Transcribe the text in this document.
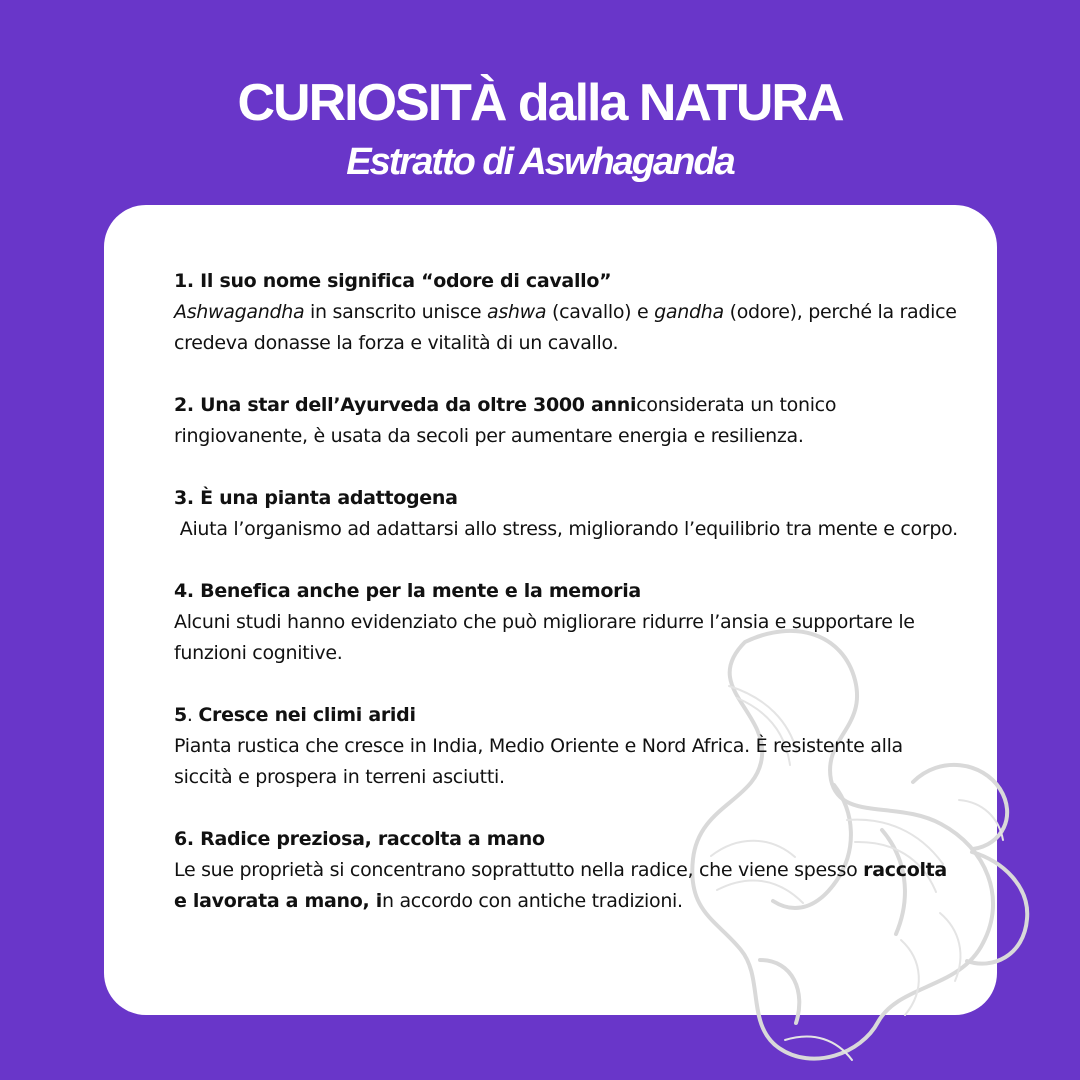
CURIOSITÀ dalla NATURA
Estratto di Aswhaganda
1. Il suo nome significa “odore di cavallo”
Ashwagandha in sanscrito unisce ashwa (cavallo) e gandha (odore), perché la radice credeva donasse la forza e vitalità di un cavallo.
2. Una star dell’Ayurveda da oltre 3000 anniconsiderata un tonico ringiovanente, è usata da secoli per aumentare energia e resilienza.
3. È una pianta adattogena
Aiuta l’organismo ad adattarsi allo stress, migliorando l’equilibrio tra mente e corpo.
4. Benefica anche per la mente e la memoria
Alcuni studi hanno evidenziato che può migliorare ridurre l’ansia e supportare le funzioni cognitive.
5. Cresce nei climi aridi
Pianta rustica che cresce in India, Medio Oriente e Nord Africa. È resistente alla siccità e prospera in terreni asciutti.
6. Radice preziosa, raccolta a mano
Le sue proprietà si concentrano soprattutto nella radice, che viene spesso raccolta e lavorata a mano, in accordo con antiche tradizioni.
